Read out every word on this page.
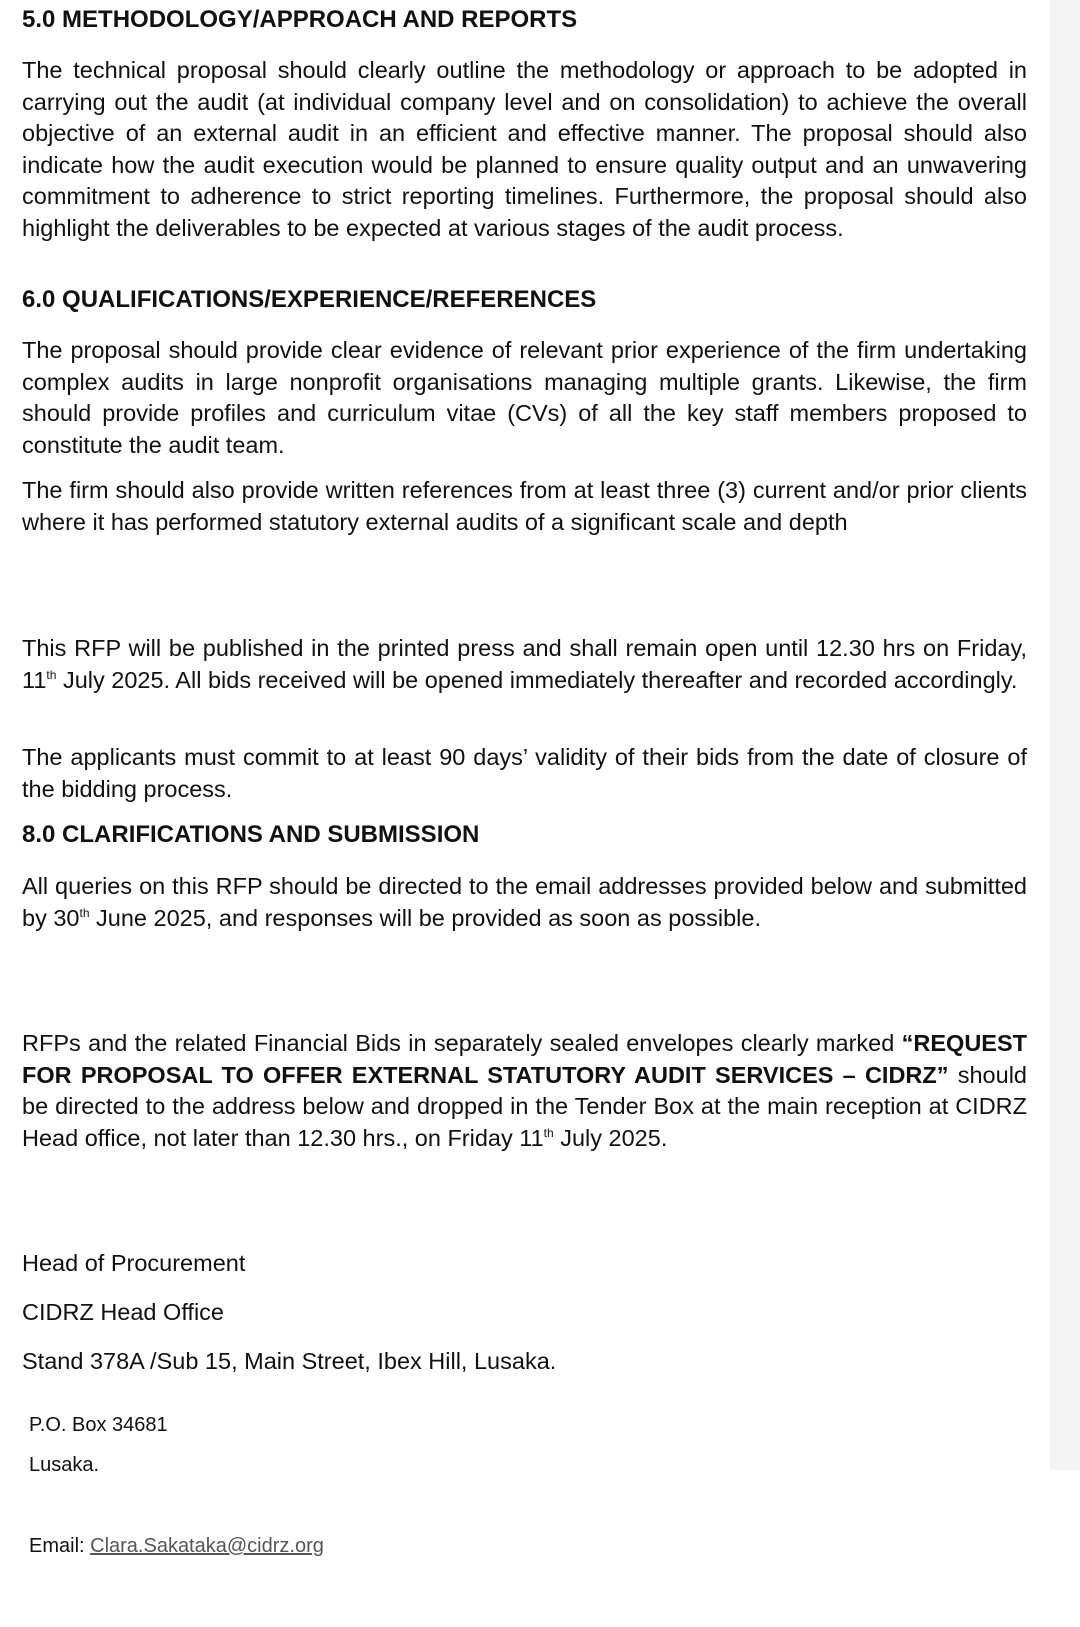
5.0 METHODOLOGY/APPROACH AND REPORTS

The technical proposal should clearly outline the methodology or approach to be adopted in carrying out the audit (at individual company level and on consolidation) to achieve the overall objective of an external audit in an efficient and effective manner. The proposal should also indicate how the audit execution would be planned to ensure quality output and an unwavering commitment to adherence to strict reporting timelines. Furthermore, the proposal should also highlight the deliverables to be expected at various stages of the audit process.

6.0 QUALIFICATIONS/EXPERIENCE/REFERENCES

The proposal should provide clear evidence of relevant prior experience of the firm undertaking complex audits in large nonprofit organisations managing multiple grants. Likewise, the firm should provide profiles and curriculum vitae (CVs) of all the key staff members proposed to constitute the audit team.

The firm should also provide written references from at least three (3) current and/or prior clients where it has performed statutory external audits of a significant scale and depth

This RFP will be published in the printed press and shall remain open until 12.30 hrs on Friday, 11th July 2025. All bids received will be opened immediately thereafter and recorded accordingly.

The applicants must commit to at least 90 days’ validity of their bids from the date of closure of the bidding process.

8.0 CLARIFICATIONS AND SUBMISSION

All queries on this RFP should be directed to the email addresses provided below and submitted by 30th June 2025, and responses will be provided as soon as possible.

RFPs and the related Financial Bids in separately sealed envelopes clearly marked “REQUEST FOR PROPOSAL TO OFFER EXTERNAL STATUTORY AUDIT SERVICES – CIDRZ” should be directed to the address below and dropped in the Tender Box at the main reception at CIDRZ Head office, not later than 12.30 hrs., on Friday 11th July 2025.

Head of Procurement

CIDRZ Head Office

Stand 378A /Sub 15, Main Street, Ibex Hill, Lusaka.

P.O. Box 34681

Lusaka.

Email: Clara.Sakataka@cidrz.org
